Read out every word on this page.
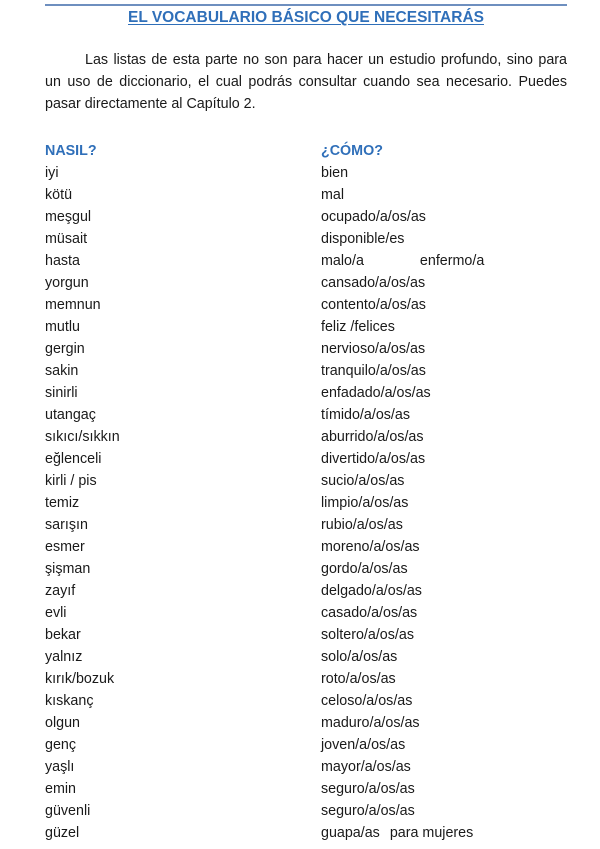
EL VOCABULARIO BÁSICO QUE NECESITARÁS

Las listas de esta parte no son para hacer un estudio profundo, sino para un uso de diccionario, el cual podrás consultar cuando sea necesario. Puedes pasar directamente al Capítulo 2.

NASIL?	¿CÓMO?
iyi	bien
kötü	mal
meşgul	ocupado/a/os/as
müsait	disponible/es
hasta	malo/a	enfermo/a
yorgun	cansado/a/os/as
memnun	contento/a/os/as
mutlu	feliz /felices
gergin	nervioso/a/os/as
sakin	tranquilo/a/os/as
sinirli	enfadado/a/os/as
utangaç	tímido/a/os/as
sıkıcı/sıkkın	aburrido/a/os/as
eğlenceli	divertido/a/os/as
kirli / pis	sucio/a/os/as
temiz	limpio/a/os/as
sarışın	rubio/a/os/as
esmer	moreno/a/os/as
şişman	gordo/a/os/as
zayıf	delgado/a/os/as
evli	casado/a/os/as
bekar	soltero/a/os/as
yalnız	solo/a/os/as
kırık/bozuk	roto/a/os/as
kıskanç	celoso/a/os/as
olgun	maduro/a/os/as
genç	joven/a/os/as
yaşlı	mayor/a/os/as
emin	seguro/a/os/as
güvenli	seguro/a/os/as
güzel	guapa/as para mujeres
